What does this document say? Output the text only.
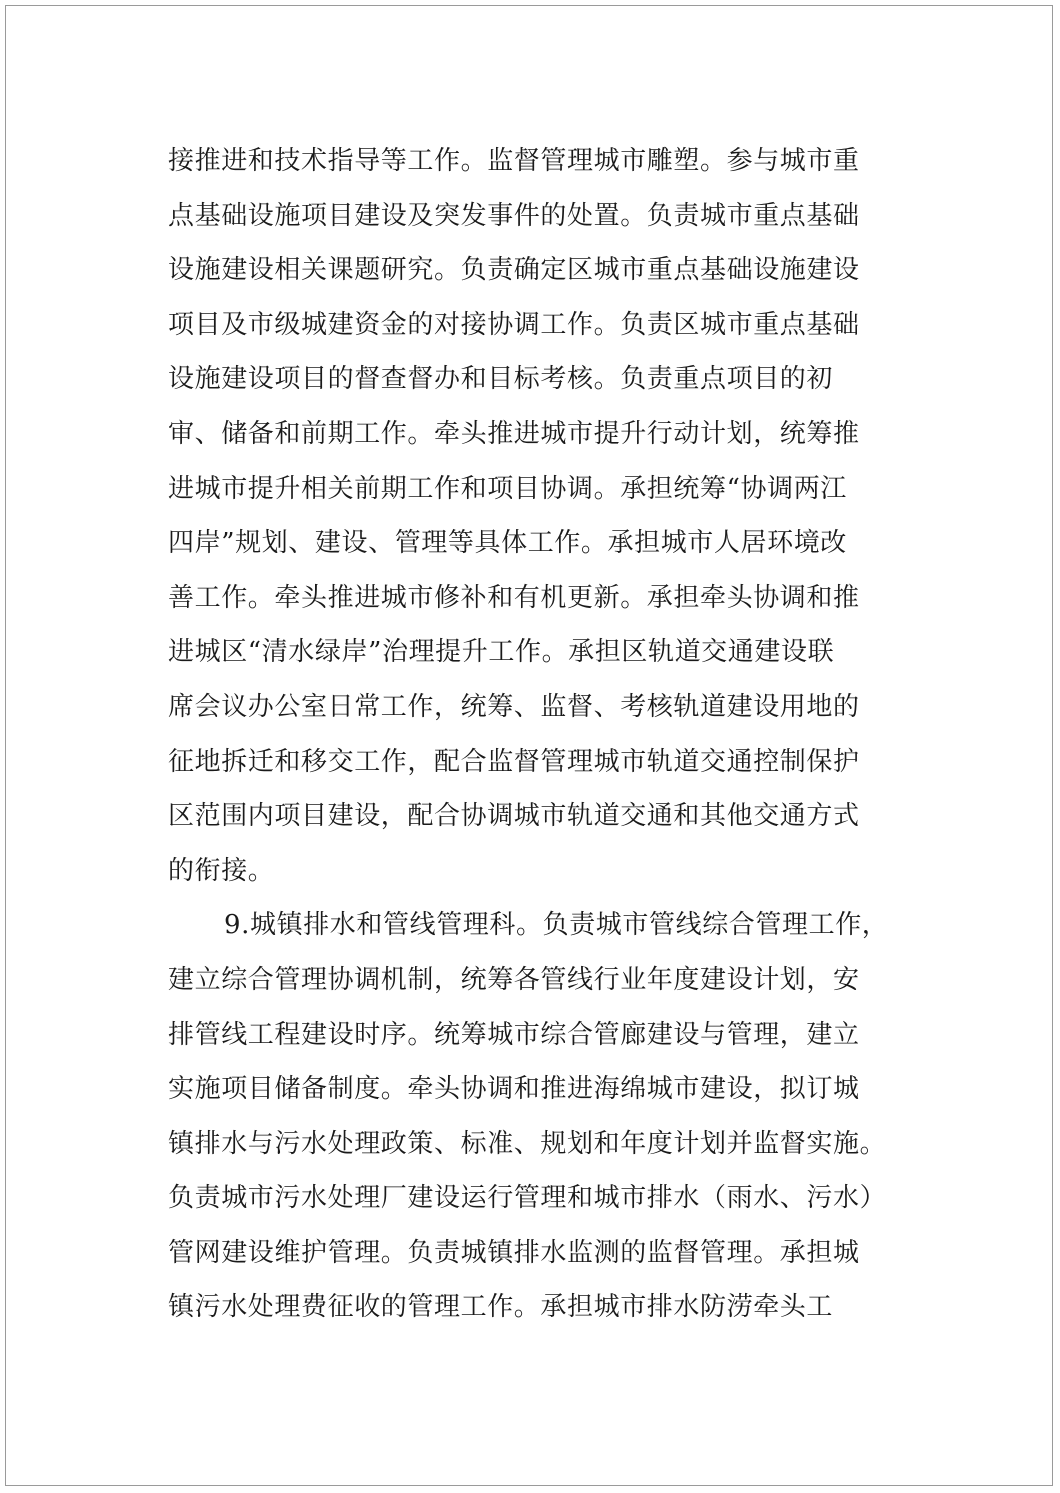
接推进和技术指导等工作。监督管理城市雕塑。参与城市重
点基础设施项目建设及突发事件的处置。负责城市重点基础
设施建设相关课题研究。负责确定区城市重点基础设施建设
项目及市级城建资金的对接协调工作。负责区城市重点基础
设施建设项目的督查督办和目标考核。负责重点项目的初
审、储备和前期工作。牵头推进城市提升行动计划，统筹推
进城市提升相关前期工作和项目协调。承担统筹“协调两江
四岸”规划、建设、管理等具体工作。承担城市人居环境改
善工作。牵头推进城市修补和有机更新。承担牵头协调和推
进城区“清水绿岸”治理提升工作。承担区轨道交通建设联
席会议办公室日常工作，统筹、监督、考核轨道建设用地的
征地拆迁和移交工作，配合监督管理城市轨道交通控制保护
区范围内项目建设，配合协调城市轨道交通和其他交通方式
的衔接。
9.城镇排水和管线管理科。负责城市管线综合管理工作，
建立综合管理协调机制，统筹各管线行业年度建设计划，安
排管线工程建设时序。统筹城市综合管廊建设与管理，建立
实施项目储备制度。牵头协调和推进海绵城市建设，拟订城
镇排水与污水处理政策、标准、规划和年度计划并监督实施。
负责城市污水处理厂建设运行管理和城市排水（雨水、污水）
管网建设维护管理。负责城镇排水监测的监督管理。承担城
镇污水处理费征收的管理工作。承担城市排水防涝牵头工
